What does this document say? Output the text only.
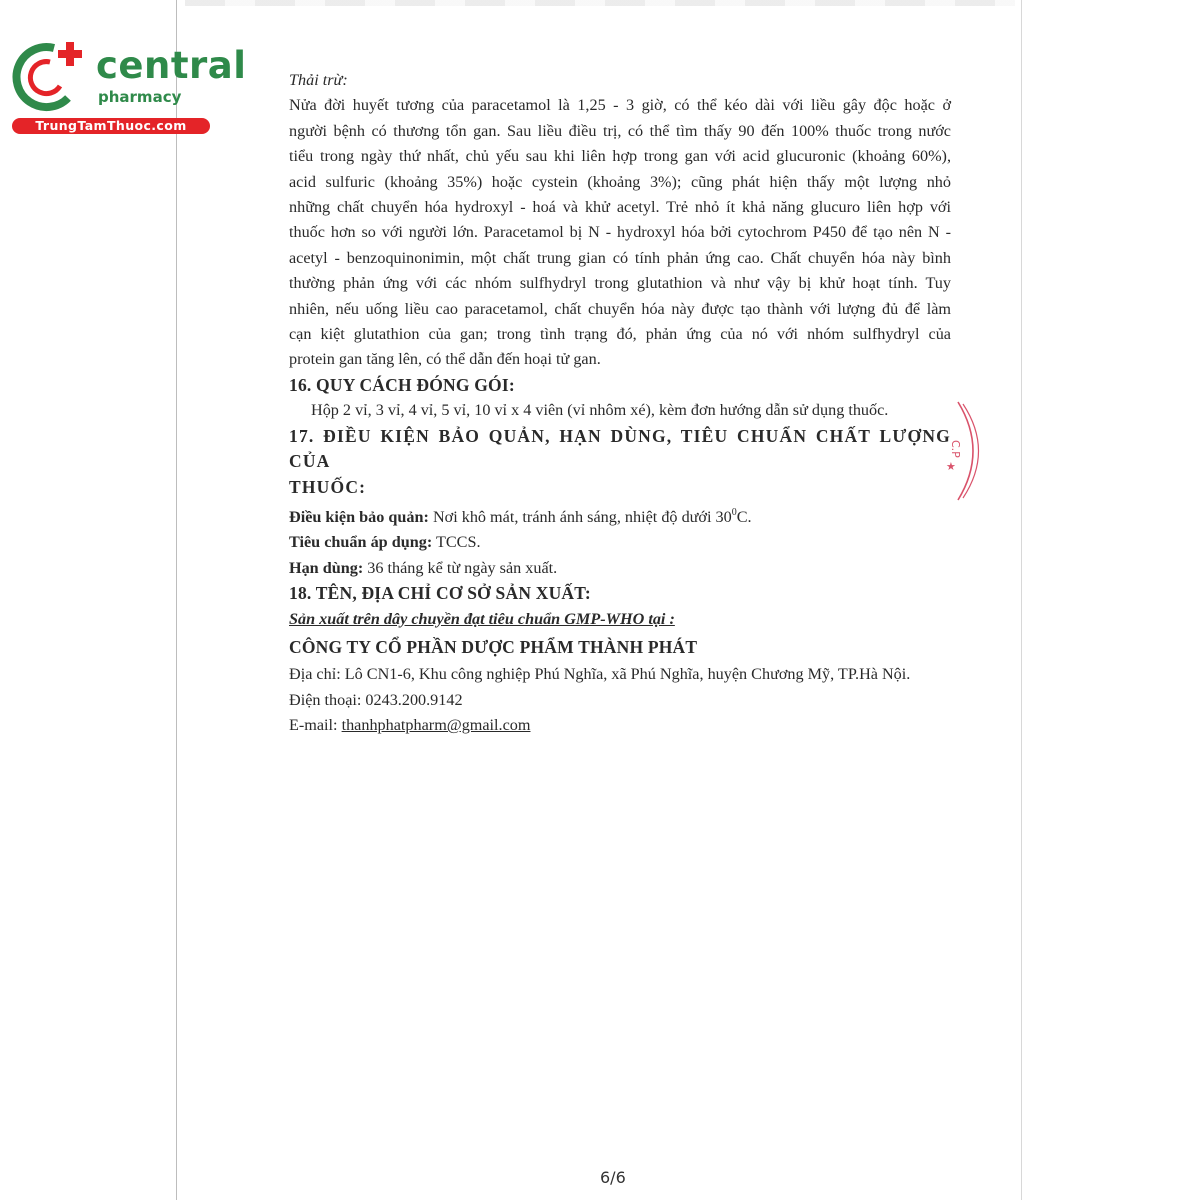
central
pharmacy
TrungTamThuoc.com
Thải trừ:
Nửa đời huyết tương của paracetamol là 1,25 - 3 giờ, có thể kéo dài với liều gây độc hoặc ở
người bệnh có thương tổn gan. Sau liều điều trị, có thể tìm thấy 90 đến 100% thuốc trong nước
tiểu trong ngày thứ nhất, chủ yếu sau khi liên hợp trong gan với acid glucuronic (khoảng 60%),
acid sulfuric (khoảng 35%) hoặc cystein (khoảng 3%); cũng phát hiện thấy một lượng nhỏ
những chất chuyển hóa hydroxyl - hoá và khử acetyl. Trẻ nhỏ ít khả năng glucuro liên hợp với
thuốc hơn so với người lớn. Paracetamol bị N - hydroxyl hóa bởi cytochrom P450 để tạo nên N -
acetyl - benzoquinonimin, một chất trung gian có tính phản ứng cao. Chất chuyển hóa này bình
thường phản ứng với các nhóm sulfhydryl trong glutathion và như vậy bị khử hoạt tính. Tuy
nhiên, nếu uống liều cao paracetamol, chất chuyển hóa này được tạo thành với lượng đủ để làm
cạn kiệt glutathion của gan; trong tình trạng đó, phản ứng của nó với nhóm sulfhydryl của
protein gan tăng lên, có thể dẫn đến hoại tử gan.
16. QUY CÁCH ĐÓNG GÓI:
Hộp 2 vỉ, 3 vỉ, 4 vỉ, 5 vỉ, 10 vỉ x 4 viên (vỉ nhôm xé), kèm đơn hướng dẫn sử dụng thuốc.
17. ĐIỀU KIỆN BẢO QUẢN, HẠN DÙNG, TIÊU CHUẨN CHẤT LƯỢNG CỦA
THUỐC:
Điều kiện bảo quản: Nơi khô mát, tránh ánh sáng, nhiệt độ dưới $30^0C$.
Tiêu chuẩn áp dụng: TCCS.
Hạn dùng: 36 tháng kể từ ngày sản xuất.
18. TÊN, ĐỊA CHỈ CƠ SỞ SẢN XUẤT:
Sản xuất trên dây chuyền đạt tiêu chuẩn GMP-WHO tại :
CÔNG TY CỔ PHẦN DƯỢC PHẨM THÀNH PHÁT
Địa chỉ: Lô CN1-6, Khu công nghiệp Phú Nghĩa, xã Phú Nghĩa, huyện Chương Mỹ, TP.Hà Nội.
Điện thoại: 0243.200.9142
E-mail: thanhphatpharm@gmail.com
C.P
★
6/6
